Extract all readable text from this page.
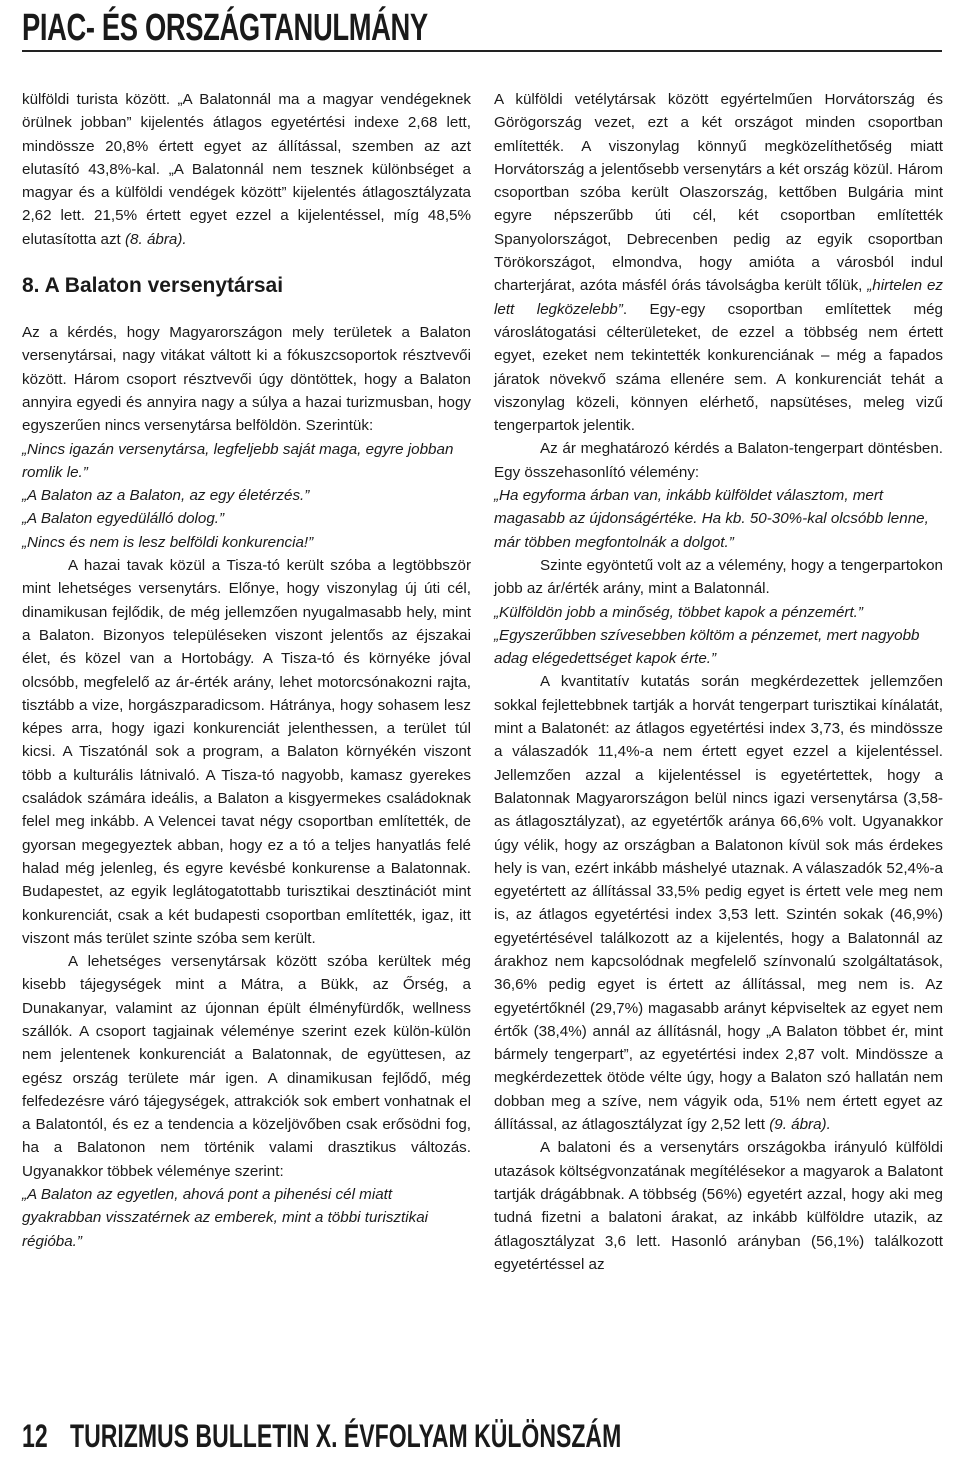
PIAC- ÉS ORSZÁGTANULMÁNY

külföldi turista között. „A Balatonnál ma a magyar vendégeknek örülnek jobban” kijelentés átlagos egyetértési indexe 2,68 lett, mindössze 20,8% értett egyet az állítással, szemben az azt elutasító 43,8%-kal. „A Balatonnál nem tesznek különbséget a magyar és a külföldi vendégek között” kijelentés átlagosztályzata 2,62 lett. 21,5% értett egyet ezzel a kijelentéssel, míg 48,5% elutasította azt (8. ábra).

8. A Balaton versenytársai

Az a kérdés, hogy Magyarországon mely területek a Balaton versenytársai, nagy vitákat váltott ki a fókuszcsoportok résztvevői között. Három csoport résztvevői úgy döntöttek, hogy a Balaton annyira egyedi és annyira nagy a súlya a hazai turizmusban, hogy egyszerűen nincs versenytársa belföldön. Szerintük:

„Nincs igazán versenytársa, legfeljebb saját maga, egyre jobban romlik le.”

„A Balaton az a Balaton, az egy életérzés.”

„A Balaton egyedülálló dolog.”

„Nincs és nem is lesz belföldi konkurencia!”

A hazai tavak közül a Tisza-tó került szóba a legtöbbször mint lehetséges versenytárs. Előnye, hogy viszonylag új úti cél, dinamikusan fejlődik, de még jellemzően nyugalmasabb hely, mint a Balaton. Bizonyos településeken viszont jelentős az éjszakai élet, és közel van a Hortobágy. A Tisza-tó és környéke jóval olcsóbb, megfelelő az ár-érték arány, lehet motorcsónakozni rajta, tisztább a vize, horgászparadicsom. Hátránya, hogy sohasem lesz képes arra, hogy igazi konkurenciát jelenthessen, a terület túl kicsi. A Tiszatónál sok a program, a Balaton környékén viszont több a kulturális látnivaló. A Tisza-tó nagyobb, kamasz gyerekes családok számára ideális, a Balaton a kisgyermekes családoknak felel meg inkább. A Velencei tavat négy csoportban említették, de gyorsan megegyeztek abban, hogy ez a tó a teljes hanyatlás felé halad még jelenleg, és egyre kevésbé konkurense a Balatonnak. Budapestet, az egyik leglátogatottabb turisztikai desztinációt mint konkurenciát, csak a két budapesti csoportban említették, igaz, itt viszont más terület szinte szóba sem került.

A lehetséges versenytársak között szóba kerültek még kisebb tájegységek mint a Mátra, a Bükk, az Őrség, a Dunakanyar, valamint az újonnan épült élményfürdők, wellness szállók. A csoport tagjainak véleménye szerint ezek külön-külön nem jelentenek konkurenciát a Balatonnak, de együttesen, az egész ország területe már igen. A dinamikusan fejlődő, még felfedezésre váró tájegységek, attrakciók sok embert vonhatnak el a Balatontól, és ez a tendencia a közeljövőben csak erősödni fog, ha a Balatonon nem történik valami drasztikus változás. Ugyanakkor többek véleménye szerint:

„A Balaton az egyetlen, ahová pont a pihenési cél miatt gyakrabban visszatérnek az emberek, mint a többi turisztikai régióba.”

A külföldi vetélytársak között egyértelműen Horvátország és Görögország vezet, ezt a két országot minden csoportban említették. A viszonylag könnyű megközelíthetőség miatt Horvátország a jelentősebb versenytárs a két ország közül. Három csoportban szóba került Olaszország, kettőben Bulgária mint egyre népszerűbb úti cél, két csoportban említették Spanyolországot, Debrecenben pedig az egyik csoportban Törökországot, elmondva, hogy amióta a városból indul charterjárat, azóta másfél órás távolságba került tőlük, „hirtelen ez lett legközelebb”. Egy-egy csoportban említettek még városlátogatási célterületeket, de ezzel a többség nem értett egyet, ezeket nem tekintették konkurenciának – még a fapados járatok növekvő száma ellenére sem. A konkurenciát tehát a viszonylag közeli, könnyen elérhető, napsütéses, meleg vizű tengerpartok jelentik.

Az ár meghatározó kérdés a Balaton-tengerpart döntésben. Egy összehasonlító vélemény:

„Ha egyforma árban van, inkább külföldet választom, mert magasabb az újdonságértéke. Ha kb. 50-30%-kal olcsóbb lenne, már többen megfontolnák a dolgot.”

Szinte egyöntetű volt az a vélemény, hogy a tengerpartokon jobb az ár/érték arány, mint a Balatonnál.

„Külföldön jobb a minőség, többet kapok a pénzemért.”

„Egyszerűbben szívesebben költöm a pénzemet, mert nagyobb adag elégedettséget kapok érte.”

A kvantitatív kutatás során megkérdezettek jellemzően sokkal fejlettebbnek tartják a horvát tengerpart turisztikai kínálatát, mint a Balatonét: az átlagos egyetértési index 3,73, és mindössze a válaszadók 11,4%-a nem értett egyet ezzel a kijelentéssel. Jellemzően azzal a kijelentéssel is egyetértettek, hogy a Balatonnak Magyarországon belül nincs igazi versenytársa (3,58-as átlagosztályzat), az egyetértők aránya 66,6% volt. Ugyanakkor úgy vélik, hogy az országban a Balatonon kívül sok más érdekes hely is van, ezért inkább máshelyé utaznak. A válaszadók 52,4%-a egyetértett az állítással 33,5% pedig egyet is értett vele meg nem is, az átlagos egyetértési index 3,53 lett. Szintén sokak (46,9%) egyetértésével találkozott az a kijelentés, hogy a Balatonnál az árakhoz nem kapcsolódnak megfelelő színvonalú szolgáltatások, 36,6% pedig egyet is értett az állítással, meg nem is. Az egyetértőknél (29,7%) magasabb arányt képviseltek az egyet nem értők (38,4%) annál az állításnál, hogy „A Balaton többet ér, mint bármely tengerpart”, az egyetértési index 2,87 volt. Mindössze a megkérdezettek ötöde vélte úgy, hogy a Balaton szó hallatán nem dobban meg a szíve, nem vágyik oda, 51% nem értett egyet az állítással, az átlagosztályzat így 2,52 lett (9. ábra).

A balatoni és a versenytárs országokba irányuló külföldi utazások költségvonzatának megítélésekor a magyarok a Balatont tartják drágábbnak. A többség (56%) egyetért azzal, hogy aki meg tudná fizetni a balatoni árakat, az inkább külföldre utazik, az átlagosztályzat 3,6 lett. Hasonló arányban (56,1%) találkozott egyetértéssel az

12 TURIZMUS BULLETIN X. ÉVFOLYAM KÜLÖNSZÁM
